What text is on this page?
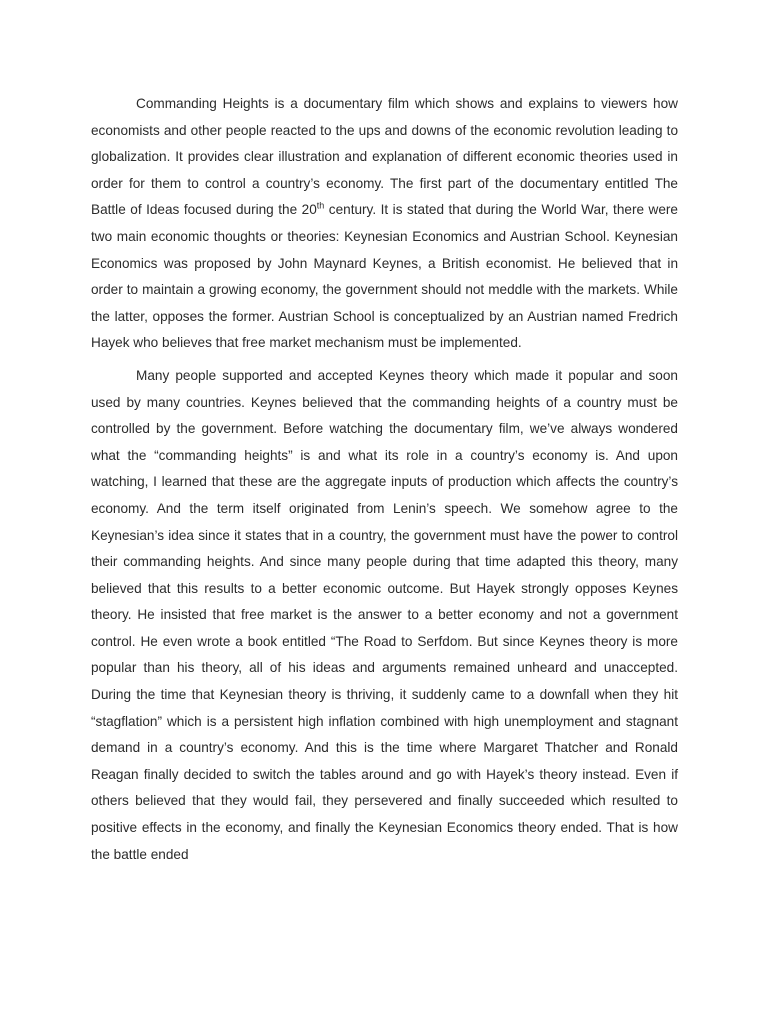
Commanding Heights is a documentary film which shows and explains to viewers how economists and other people reacted to the ups and downs of the economic revolution leading to globalization. It provides clear illustration and explanation of different economic theories used in order for them to control a country’s economy. The first part of the documentary entitled The Battle of Ideas focused during the 20th century. It is stated that during the World War, there were two main economic thoughts or theories: Keynesian Economics and Austrian School. Keynesian Economics was proposed by John Maynard Keynes, a British economist. He believed that in order to maintain a growing economy, the government should not meddle with the markets. While the latter, opposes the former. Austrian School is conceptualized by an Austrian named Fredrich Hayek who believes that free market mechanism must be implemented.

Many people supported and accepted Keynes theory which made it popular and soon used by many countries. Keynes believed that the commanding heights of a country must be controlled by the government. Before watching the documentary film, we’ve always wondered what the “commanding heights” is and what its role in a country’s economy is. And upon watching, I learned that these are the aggregate inputs of production which affects the country’s economy. And the term itself originated from Lenin’s speech. We somehow agree to the Keynesian’s idea since it states that in a country, the government must have the power to control their commanding heights. And since many people during that time adapted this theory, many believed that this results to a better economic outcome. But Hayek strongly opposes Keynes theory. He insisted that free market is the answer to a better economy and not a government control. He even wrote a book entitled “The Road to Serfdom. But since Keynes theory is more popular than his theory, all of his ideas and arguments remained unheard and unaccepted. During the time that Keynesian theory is thriving, it suddenly came to a downfall when they hit “stagflation” which is a persistent high inflation combined with high unemployment and stagnant demand in a country’s economy. And this is the time where Margaret Thatcher and Ronald Reagan finally decided to switch the tables around and go with Hayek’s theory instead. Even if others believed that they would fail, they persevered and finally succeeded which resulted to positive effects in the economy, and finally the Keynesian Economics theory ended. That is how the battle ended
